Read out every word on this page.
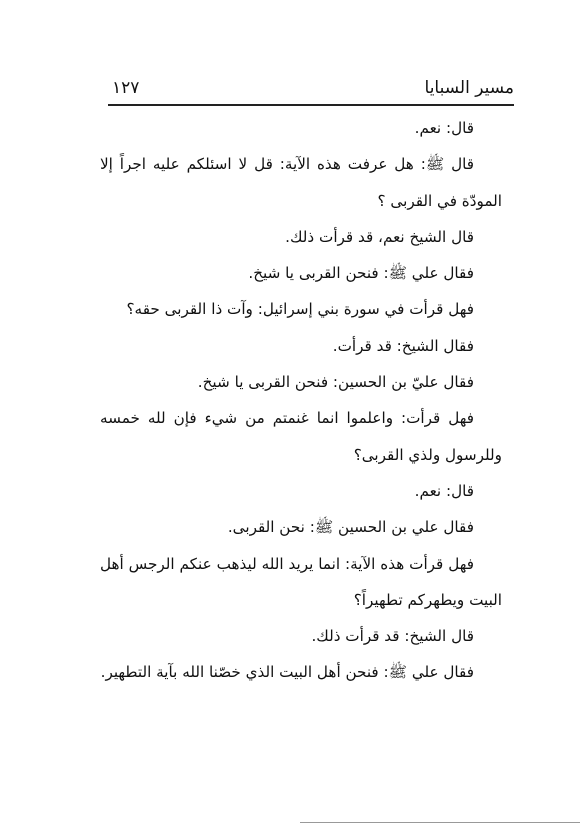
مسير السبايا
١٢٧

قال: نعم.

قال ﷺ: هل عرفت هذه الآية: قل لا اسئلكم عليه اجراً إلا المودّة في القربى ؟

قال الشيخ نعم، قد قرأت ذلك.

فقال علي ﷺ: فنحن القربى يا شيخ.

فهل قرأت في سورة بني إسرائيل: وآت ذا القربى حقه؟

فقال الشيخ: قد قرأت.

فقال عليّ بن الحسين: فنحن القربى يا شيخ.

فهل قرأت: واعلموا انما غنمتم من شيء فإن لله خمسه وللرسول ولذي القربى؟

قال: نعم.

فقال علي بن الحسين ﷺ: نحن القربى.

فهل قرأت هذه الآية: انما يريد الله ليذهب عنكم الرجس أهل البيت ويطهركم تطهيراً؟

قال الشيخ: قد قرأت ذلك.

فقال علي ﷺ: فنحن أهل البيت الذي خصّنا الله بآية التطهير.
